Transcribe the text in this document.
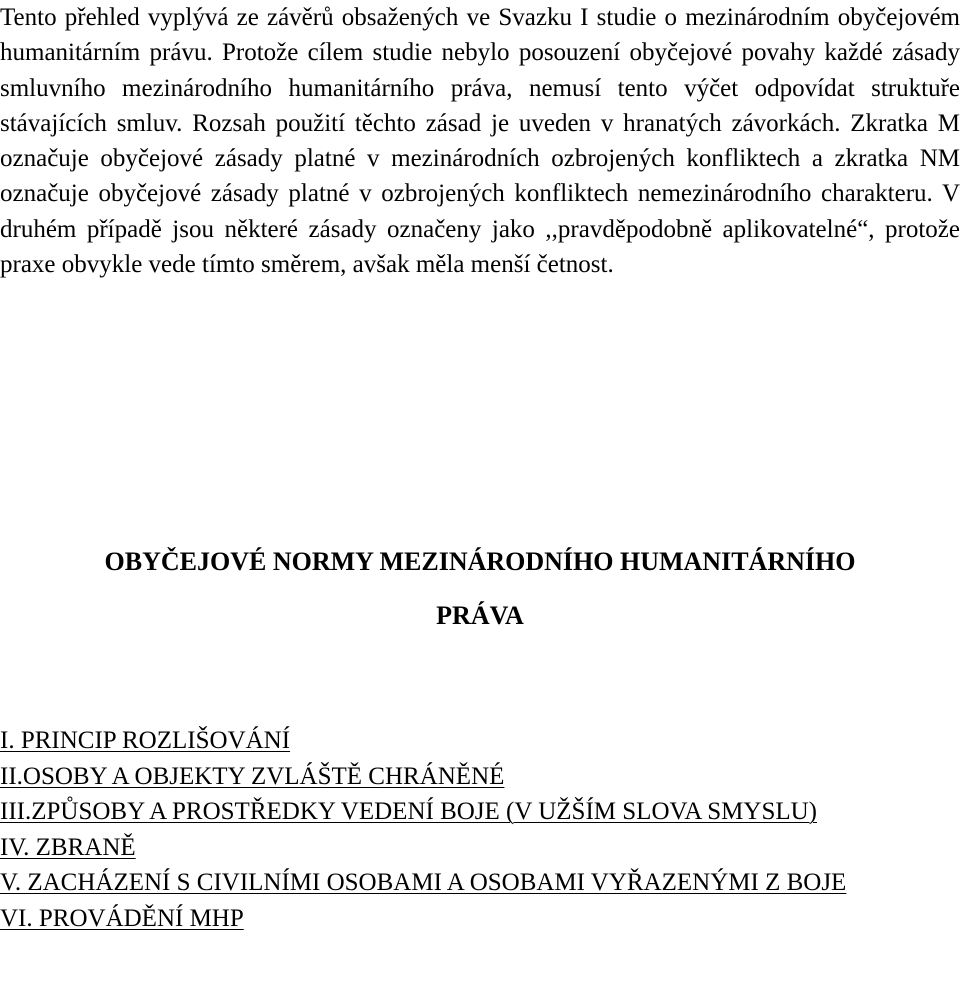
Tento přehled vyplývá ze závěrů obsažených ve Svazku I studie o mezinárodním obyčejovém humanitárním právu. Protože cílem studie nebylo posouzení obyčejové povahy každé zásady smluvního mezinárodního humanitárního práva, nemusí tento výčet odpovídat struktuře stávajících smluv. Rozsah použití těchto zásad je uveden v hranatých závorkách. Zkratka M označuje obyčejové zásady platné v mezinárodních ozbrojených konfliktech a zkratka NM označuje obyčejové zásady platné v ozbrojených konfliktech nemezinárodního charakteru. V druhém případě jsou některé zásady označeny jako ,,pravděpodobně aplikovatelné“, protože praxe obvykle vede tímto směrem, avšak měla menší četnost.

OBYČEJOVÉ NORMY MEZINÁRODNÍHO HUMANITÁRNÍHO
PRÁVA
I. PRINCIP ROZLIŠOVÁNÍ
II.OSOBY A OBJEKTY ZVLÁŠTĚ CHRÁNĚNÉ
III.ZPŮSOBY A PROSTŘEDKY VEDENÍ BOJE (V UŽŠÍM SLOVA SMYSLU)
IV. ZBRANĚ
V. ZACHÁZENÍ S CIVILNÍMI OSOBAMI A OSOBAMI VYŘAZENÝMI Z BOJE
VI. PROVÁDĚNÍ MHP
